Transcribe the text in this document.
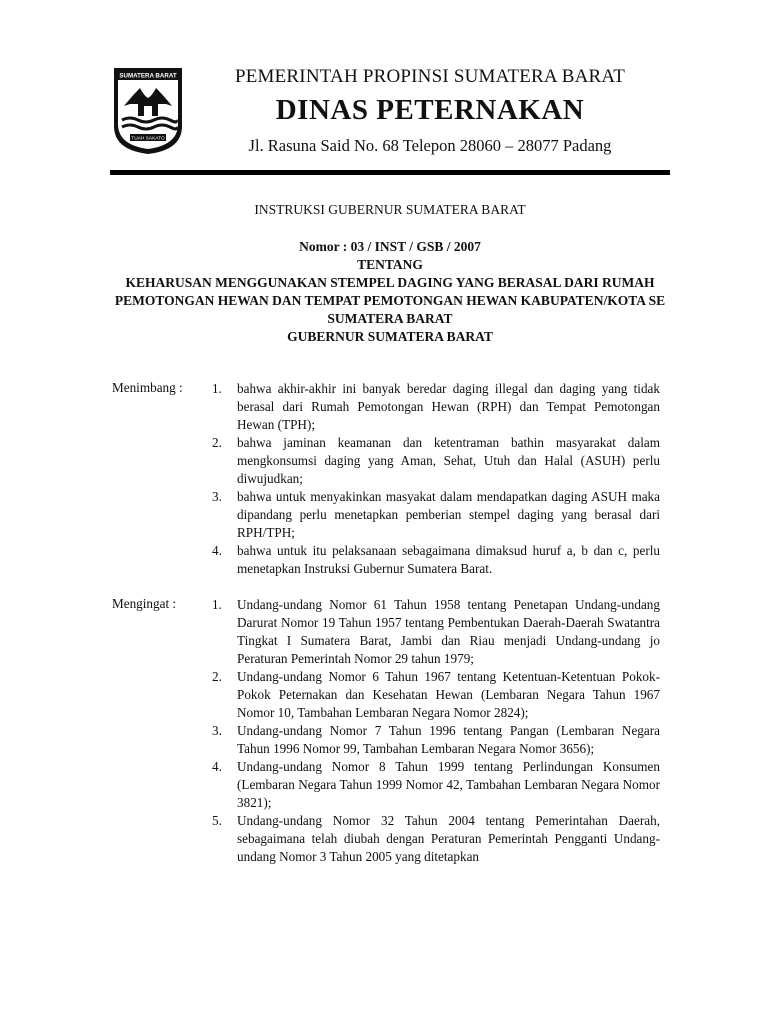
SUMATERA BARAT
TUAH SAKATO
PEMERINTAH PROPINSI SUMATERA BARAT
DINAS PETERNAKAN
Jl. Rasuna Said No. 68 Telepon 28060 – 28077 Padang
INSTRUKSI GUBERNUR SUMATERA BARAT
Nomor : 03 / INST / GSB / 2007
TENTANG
KEHARUSAN MENGGUNAKAN STEMPEL DAGING YANG BERASAL DARI RUMAH PEMOTONGAN HEWAN DAN TEMPAT PEMOTONGAN HEWAN KABUPATEN/KOTA SE SUMATERA BARAT
GUBERNUR SUMATERA BARAT
Menimbang :	1. bahwa akhir-akhir ini banyak beredar daging illegal dan daging yang tidak berasal dari Rumah Pemotongan Hewan (RPH) dan Tempat Pemotongan Hewan (TPH);
2. bahwa jaminan keamanan dan ketentraman bathin masyarakat dalam mengkonsumsi daging yang Aman, Sehat, Utuh dan Halal (ASUH) perlu diwujudkan;
3. bahwa untuk menyakinkan masyakat dalam mendapatkan daging ASUH maka dipandang perlu menetapkan pemberian stempel daging yang berasal dari RPH/TPH;
4. bahwa untuk itu pelaksanaan sebagaimana dimaksud huruf a, b dan c, perlu menetapkan Instruksi Gubernur Sumatera Barat.
Mengingat :	1. Undang-undang Nomor 61 Tahun 1958 tentang Penetapan Undang-undang Darurat Nomor 19 Tahun 1957 tentang Pembentukan Daerah-Daerah Swatantra Tingkat I Sumatera Barat, Jambi dan Riau menjadi Undang-undang jo Peraturan Pemerintah Nomor 29 tahun 1979;
2. Undang-undang Nomor 6 Tahun 1967 tentang Ketentuan-Ketentuan Pokok-Pokok Peternakan dan Kesehatan Hewan (Lembaran Negara Tahun 1967 Nomor 10, Tambahan Lembaran Negara Nomor 2824);
3. Undang-undang Nomor 7 Tahun 1996 tentang Pangan (Lembaran Negara Tahun 1996 Nomor 99, Tambahan Lembaran Negara Nomor 3656);
4. Undang-undang Nomor 8 Tahun 1999 tentang Perlindungan Konsumen (Lembaran Negara Tahun 1999 Nomor 42, Tambahan Lembaran Negara Nomor 3821);
5. Undang-undang Nomor 32 Tahun 2004 tentang Pemerintahan Daerah, sebagaimana telah diubah dengan Peraturan Pemerintah Pengganti Undang-undang Nomor 3 Tahun 2005 yang ditetapkan
